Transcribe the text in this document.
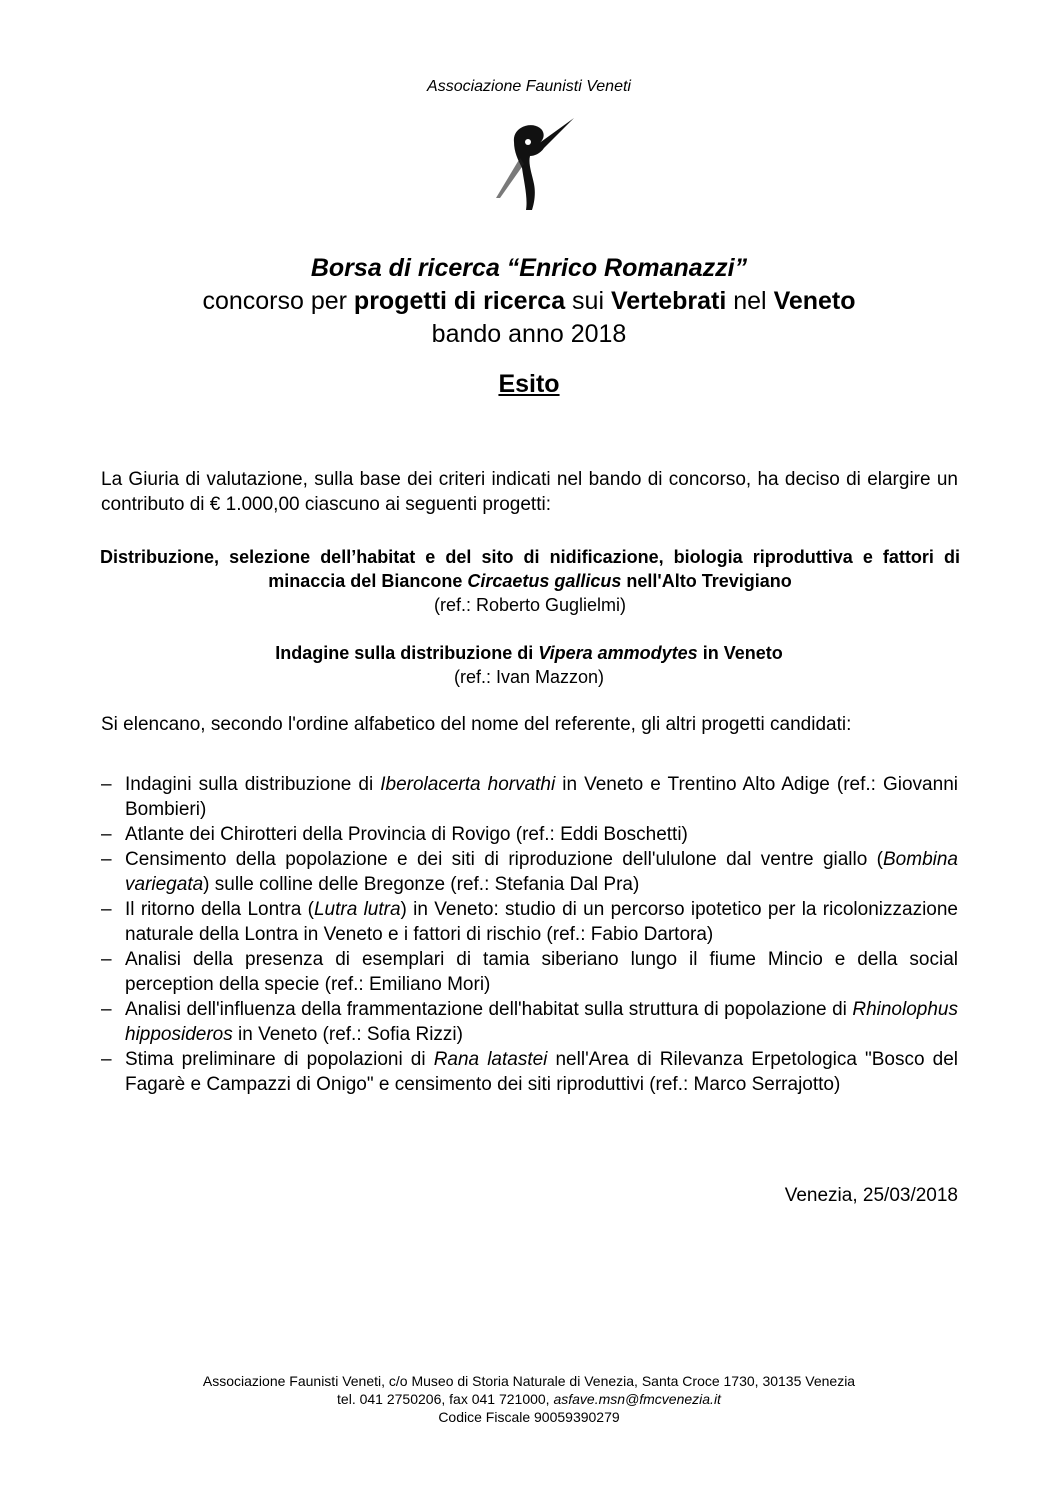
Associazione Faunisti Veneti
Borsa di ricerca “Enrico Romanazzi”
concorso per progetti di ricerca sui Vertebrati nel Veneto
bando anno 2018
Esito
La Giuria di valutazione, sulla base dei criteri indicati nel bando di concorso, ha deciso di elargire un contributo di € 1.000,00 ciascuno ai seguenti progetti:
Distribuzione, selezione dell’habitat e del sito di nidificazione, biologia riproduttiva e fattori di minaccia del Biancone Circaetus gallicus nell'Alto Trevigiano
(ref.: Roberto Guglielmi)
Indagine sulla distribuzione di Vipera ammodytes in Veneto
(ref.: Ivan Mazzon)
Si elencano, secondo l'ordine alfabetico del nome del referente, gli altri progetti candidati:
– Indagini sulla distribuzione di Iberolacerta horvathi in Veneto e Trentino Alto Adige (ref.: Giovanni Bombieri)
– Atlante dei Chirotteri della Provincia di Rovigo (ref.: Eddi Boschetti)
– Censimento della popolazione e dei siti di riproduzione dell'ululone dal ventre giallo (Bombina variegata) sulle colline delle Bregonze (ref.: Stefania Dal Pra)
– Il ritorno della Lontra (Lutra lutra) in Veneto: studio di un percorso ipotetico per la ricolonizzazione naturale della Lontra in Veneto e i fattori di rischio (ref.: Fabio Dartora)
– Analisi della presenza di esemplari di tamia siberiano lungo il fiume Mincio e della social perception della specie (ref.: Emiliano Mori)
– Analisi dell'influenza della frammentazione dell'habitat sulla struttura di popolazione di Rhinolophus hipposideros in Veneto (ref.: Sofia Rizzi)
– Stima preliminare di popolazioni di Rana latastei nell'Area di Rilevanza Erpetologica "Bosco del Fagarè e Campazzi di Onigo" e censimento dei siti riproduttivi (ref.: Marco Serrajotto)
Venezia, 25/03/2018
Associazione Faunisti Veneti, c/o Museo di Storia Naturale di Venezia, Santa Croce 1730, 30135 Venezia
tel. 041 2750206, fax 041 721000, asfave.msn@fmcvenezia.it
Codice Fiscale 90059390279
